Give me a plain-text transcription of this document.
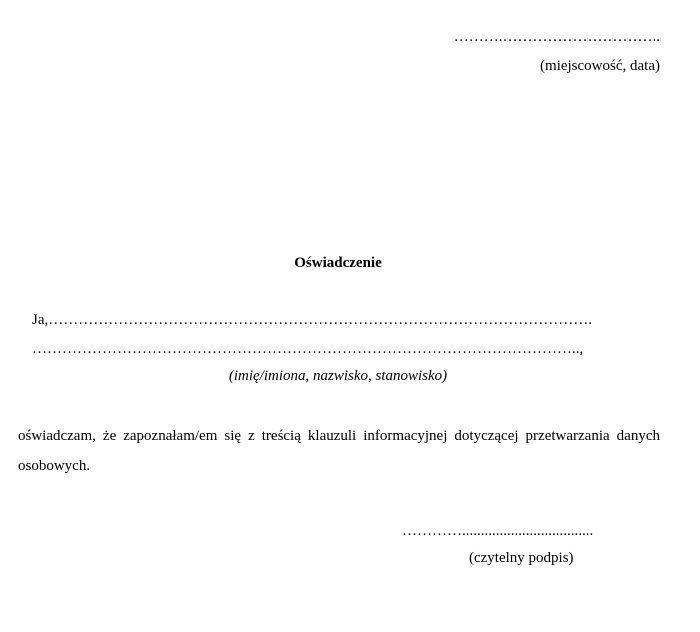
……….…………………………..
(miejscowość, data)
Oświadczenie
Ja,……………………………………………………………………………………………….
………………………………………………………………………………………………..,
(imię/imiona, nazwisko, stanowisko)
oświadczam, że zapoznałam/em się z treścią klauzuli informacyjnej dotyczącej przetwarzania danych osobowych.
…………...................................
(czytelny podpis)
